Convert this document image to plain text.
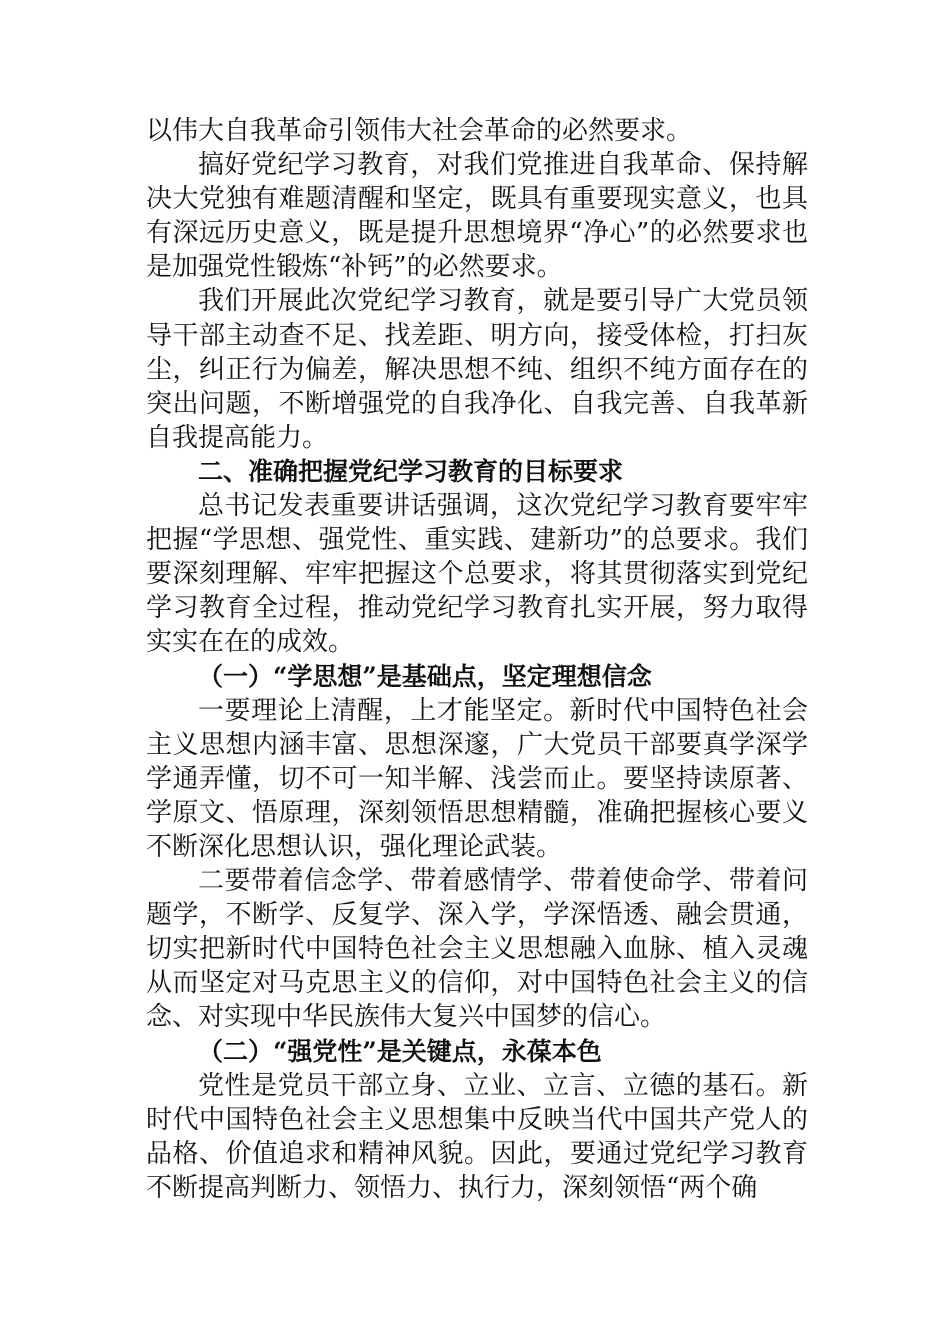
以伟大自我革命引领伟大社会革命的必然要求。

搞好党纪学习教育，对我们党推进自我革命、保持解决大党独有难题清醒和坚定，既具有重要现实意义，也具有深远历史意义，既是提升思想境界“净心”的必然要求也是加强党性锻炼“补钙”的必然要求。

我们开展此次党纪学习教育，就是要引导广大党员领导干部主动查不足、找差距、明方向，接受体检，打扫灰尘，纠正行为偏差，解决思想不纯、组织不纯方面存在的突出问题，不断增强党的自我净化、自我完善、自我革新自我提高能力。

二、准确把握党纪学习教育的目标要求

总书记发表重要讲话强调，这次党纪学习教育要牢牢把握“学思想、强党性、重实践、建新功”的总要求。我们要深刻理解、牢牢把握这个总要求，将其贯彻落实到党纪学习教育全过程，推动党纪学习教育扎实开展，努力取得实实在在的成效。

（一）“学思想”是基础点，坚定理想信念

一要理论上清醒，上才能坚定。新时代中国特色社会主义思想内涵丰富、思想深邃，广大党员干部要真学深学学通弄懂，切不可一知半解、浅尝而止。要坚持读原著、学原文、悟原理，深刻领悟思想精髓，准确把握核心要义不断深化思想认识，强化理论武装。

二要带着信念学、带着感情学、带着使命学、带着问题学，不断学、反复学、深入学，学深悟透、融会贯通，切实把新时代中国特色社会主义思想融入血脉、植入灵魂从而坚定对马克思主义的信仰，对中国特色社会主义的信念、对实现中华民族伟大复兴中国梦的信心。

（二）“强党性”是关键点，永葆本色

党性是党员干部立身、立业、立言、立德的基石。新时代中国特色社会主义思想集中反映当代中国共产党人的品格、价值追求和精神风貌。因此，要通过党纪学习教育不断提高判断力、领悟力、执行力，深刻领悟“两个确
